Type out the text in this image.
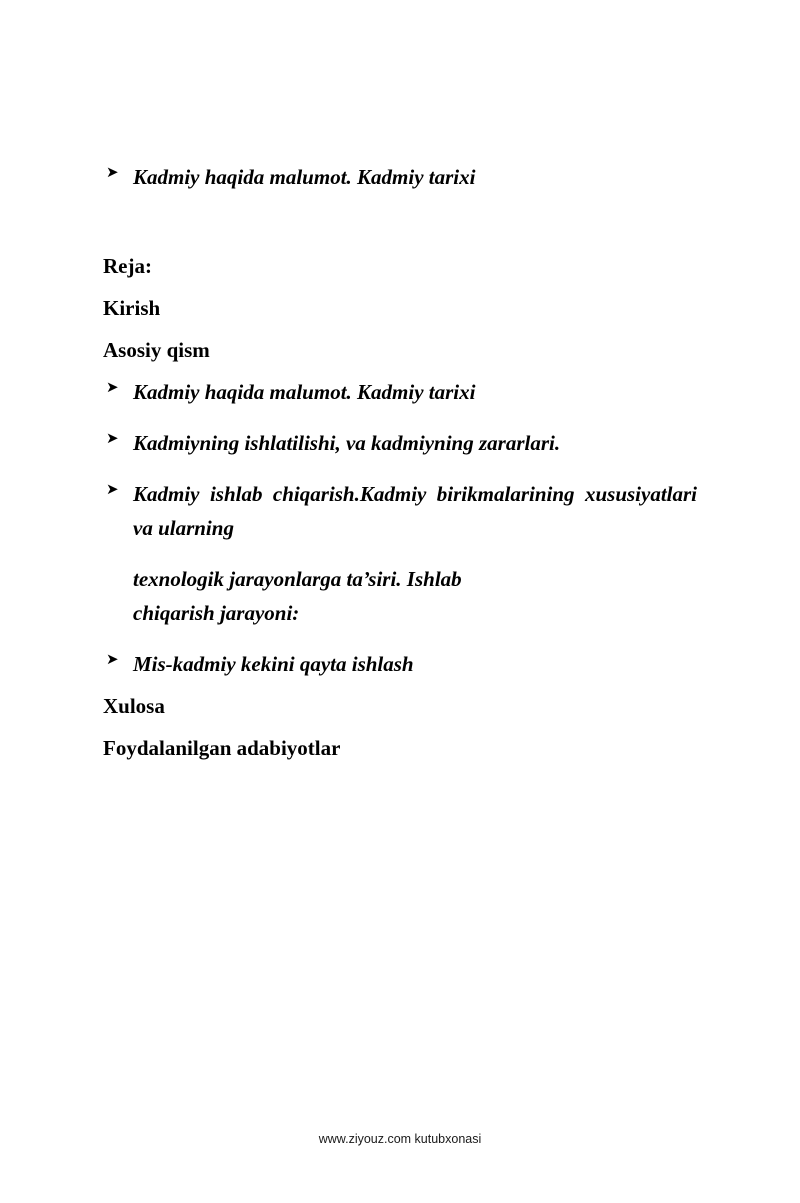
➤ Kadmiy haqida malumot. Kadmiy tarixi
Reja:
Kirish
Asosiy qism
➤ Kadmiy haqida malumot. Kadmiy tarixi
➤ Kadmiyning ishlatilishi, va kadmiyning zararlari.
➤ Kadmiy ishlab chiqarish.Kadmiy birikmalarining xususiyatlari va ularning
texnologik jarayonlarga ta’siri. Ishlab
chiqarish jarayoni:
➤ Mis-kadmiy kekini qayta ishlash
Xulosa
Foydalanilgan adabiyotlar
www.ziyouz.com kutubxonasi
